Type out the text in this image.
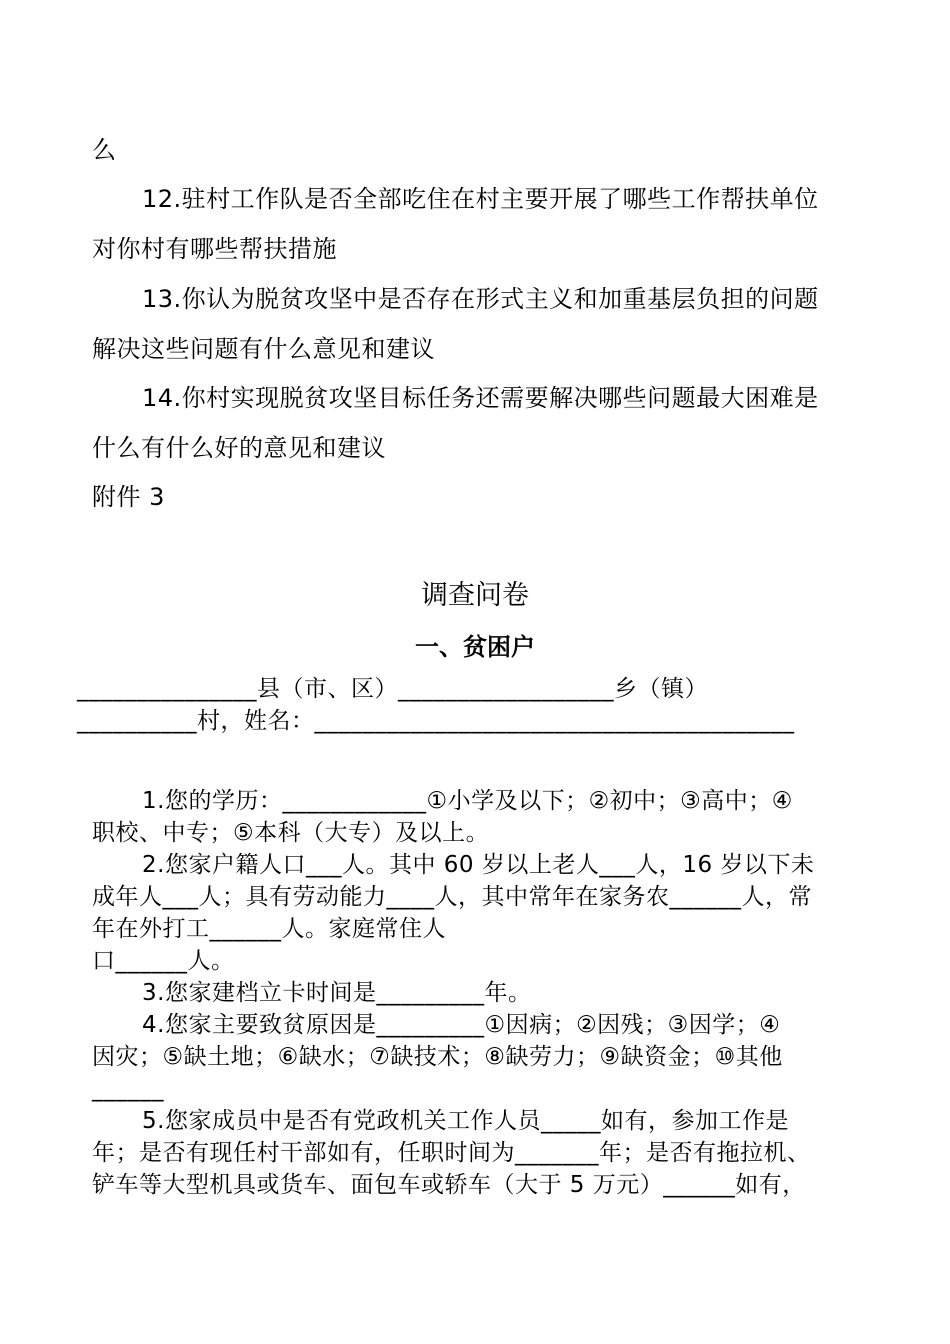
么
12.驻村工作队是否全部吃住在村主要开展了哪些工作帮扶单位
对你村有哪些帮扶措施
13.你认为脱贫攻坚中是否存在形式主义和加重基层负担的问题
解决这些问题有什么意见和建议
14.你村实现脱贫攻坚目标任务还需要解决哪些问题最大困难是
什么有什么好的意见和建议
附件 3
调查问卷
一、贫困户
_______________县（市、区）__________________乡（镇）
__________村，姓名：________________________________________
1.您的学历：____________①小学及以下；②初中；③高中；④
职校、中专；⑤本科（大专）及以上。
2.您家户籍人口___人。其中 60 岁以上老人___人，16 岁以下未
成年人___人；具有劳动能力____人，其中常年在家务农______人，常
年在外打工______人。家庭常住人
口______人。
3.您家建档立卡时间是_________年。
4.您家主要致贫原因是_________①因病；②因残；③因学；④
因灾；⑤缺土地；⑥缺水；⑦缺技术；⑧缺劳力；⑨缺资金；⑩其他
______
5.您家成员中是否有党政机关工作人员_____如有，参加工作是
年；是否有现任村干部如有，任职时间为_______年；是否有拖拉机、
铲车等大型机具或货车、面包车或轿车（大于 5 万元）______如有，
